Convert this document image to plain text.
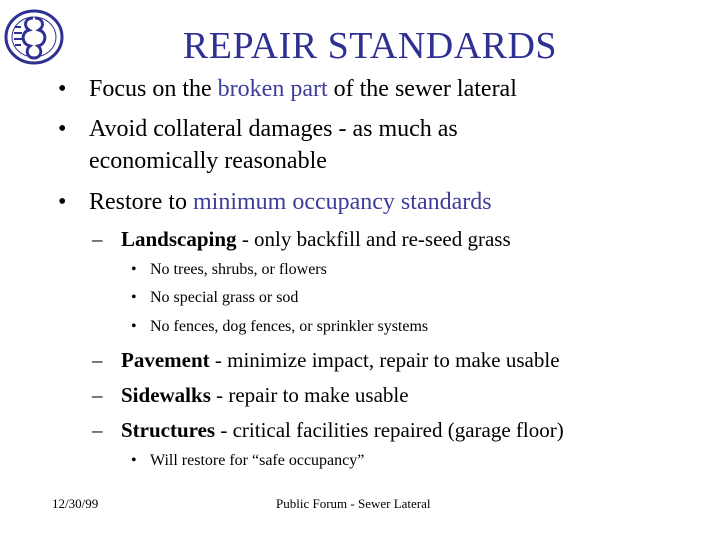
REPAIR STANDARDS
• Focus on the broken part of the sewer lateral
• Avoid collateral damages - as much as
economically reasonable
• Restore to minimum occupancy standards
– Landscaping - only backfill and re-seed grass
• No trees, shrubs, or flowers
• No special grass or sod
• No fences, dog fences, or sprinkler systems
– Pavement - minimize impact, repair to make usable
– Sidewalks - repair to make usable
– Structures - critical facilities repaired (garage floor)
• Will restore for “safe occupancy”
12/30/99	Public Forum - Sewer Lateral
